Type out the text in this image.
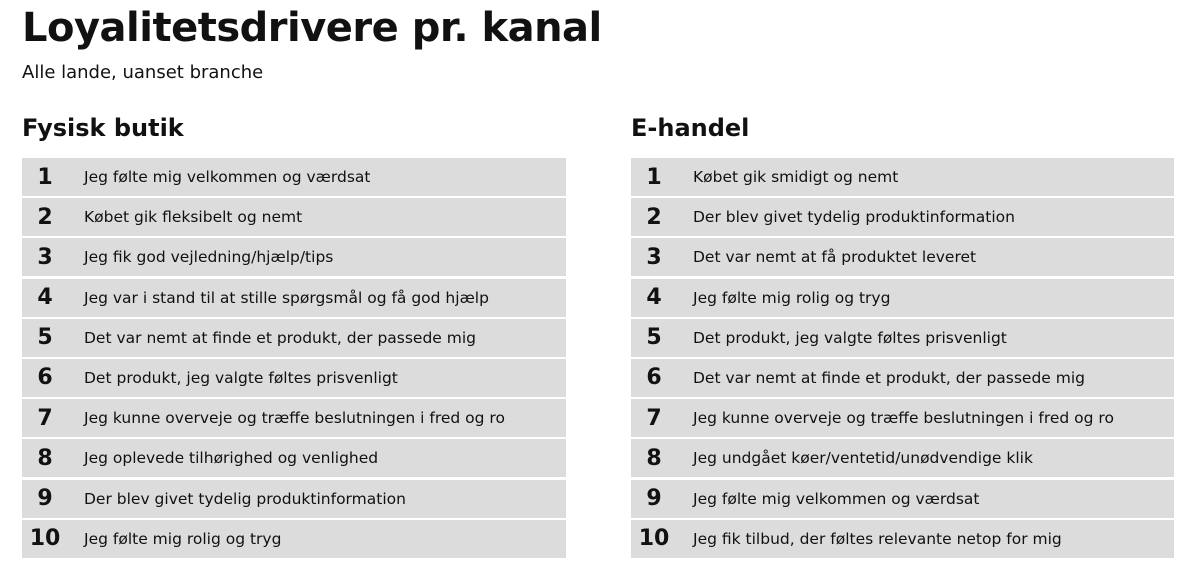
Loyalitetsdrivere pr. kanal
Alle lande, uanset branche
Fysisk butik
1	Jeg følte mig velkommen og værdsat
2	Købet gik fleksibelt og nemt
3	Jeg fik god vejledning/hjælp/tips
4	Jeg var i stand til at stille spørgsmål og få god hjælp
5	Det var nemt at finde et produkt, der passede mig
6	Det produkt, jeg valgte føltes prisvenligt
7	Jeg kunne overveje og træffe beslutningen i fred og ro
8	Jeg oplevede tilhørighed og venlighed
9	Der blev givet tydelig produktinformation
10	Jeg følte mig rolig og tryg
E-handel
1	Købet gik smidigt og nemt
2	Der blev givet tydelig produktinformation
3	Det var nemt at få produktet leveret
4	Jeg følte mig rolig og tryg
5	Det produkt, jeg valgte føltes prisvenligt
6	Det var nemt at finde et produkt, der passede mig
7	Jeg kunne overveje og træffe beslutningen i fred og ro
8	Jeg undgået køer/ventetid/unødvendige klik
9	Jeg følte mig velkommen og værdsat
10	Jeg fik tilbud, der føltes relevante netop for mig
